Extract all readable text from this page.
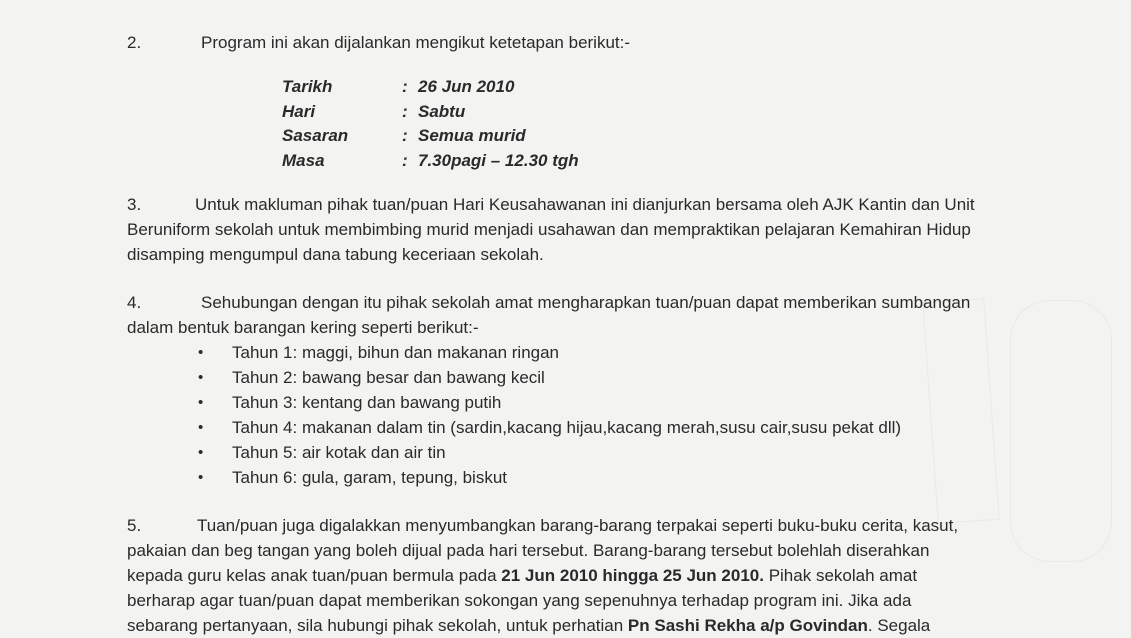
2.	Program ini akan dijalankan mengikut ketetapan berikut:-
Tarikh	: 26 Jun 2010
Hari	: Sabtu
Sasaran	: Semua murid
Masa	: 7.30pagi – 12.30 tgh
3.	Untuk makluman pihak tuan/puan Hari Keusahawanan ini dianjurkan bersama oleh AJK Kantin dan Unit
Beruniform sekolah untuk membimbing murid menjadi usahawan dan mempraktikan pelajaran Kemahiran Hidup
disamping mengumpul dana tabung keceriaan sekolah.
4.	Sehubungan dengan itu pihak sekolah amat mengharapkan tuan/puan dapat memberikan sumbangan
dalam bentuk barangan kering seperti berikut:-
• Tahun 1: maggi, bihun dan makanan ringan
• Tahun 2: bawang besar dan bawang kecil
• Tahun 3: kentang dan bawang putih
• Tahun 4: makanan dalam tin (sardin,kacang hijau,kacang merah,susu cair,susu pekat dll)
• Tahun 5: air kotak dan air tin
• Tahun 6: gula, garam, tepung, biskut
5.	Tuan/puan juga digalakkan menyumbangkan barang-barang terpakai seperti buku-buku cerita, kasut,
pakaian dan beg tangan yang boleh dijual pada hari tersebut. Barang-barang tersebut bolehlah diserahkan
kepada guru kelas anak tuan/puan bermula pada 21 Jun 2010 hingga 25 Jun 2010. Pihak sekolah amat
berharap agar tuan/puan dapat memberikan sokongan yang sepenuhnya terhadap program ini. Jika ada
sebarang pertanyaan, sila hubungi pihak sekolah, untuk perhatian Pn Sashi Rekha a/p Govindan. Segala
